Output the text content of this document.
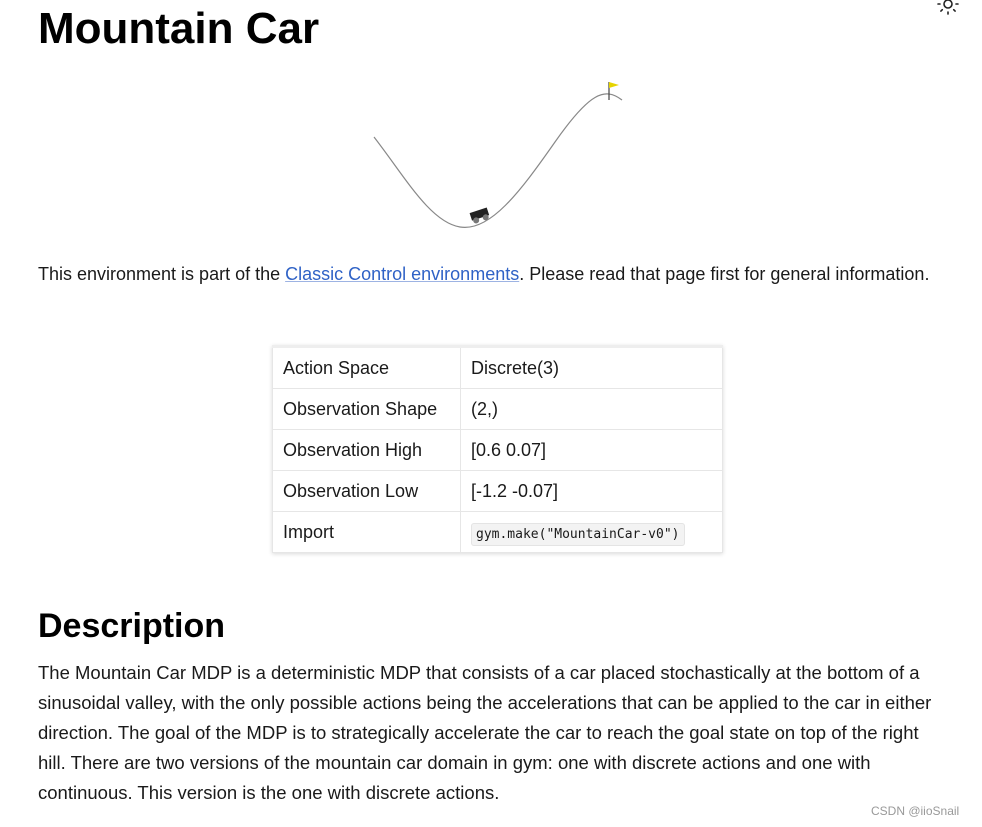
Mountain Car

This environment is part of the Classic Control environments. Please read that page first for general information.

Action Space	Discrete(3)
Observation Shape	(2,)
Observation High	[0.6 0.07]
Observation Low	[-1.2 -0.07]
Import	gym.make("MountainCar-v0")
Description

The Mountain Car MDP is a deterministic MDP that consists of a car placed stochastically at the bottom of a sinusoidal valley, with the only possible actions being the accelerations that can be applied to the car in either direction. The goal of the MDP is to strategically accelerate the car to reach the goal state on top of the right hill. There are two versions of the mountain car domain in gym: one with discrete actions and one with continuous. This version is the one with discrete actions.

CSDN @iioSnail
